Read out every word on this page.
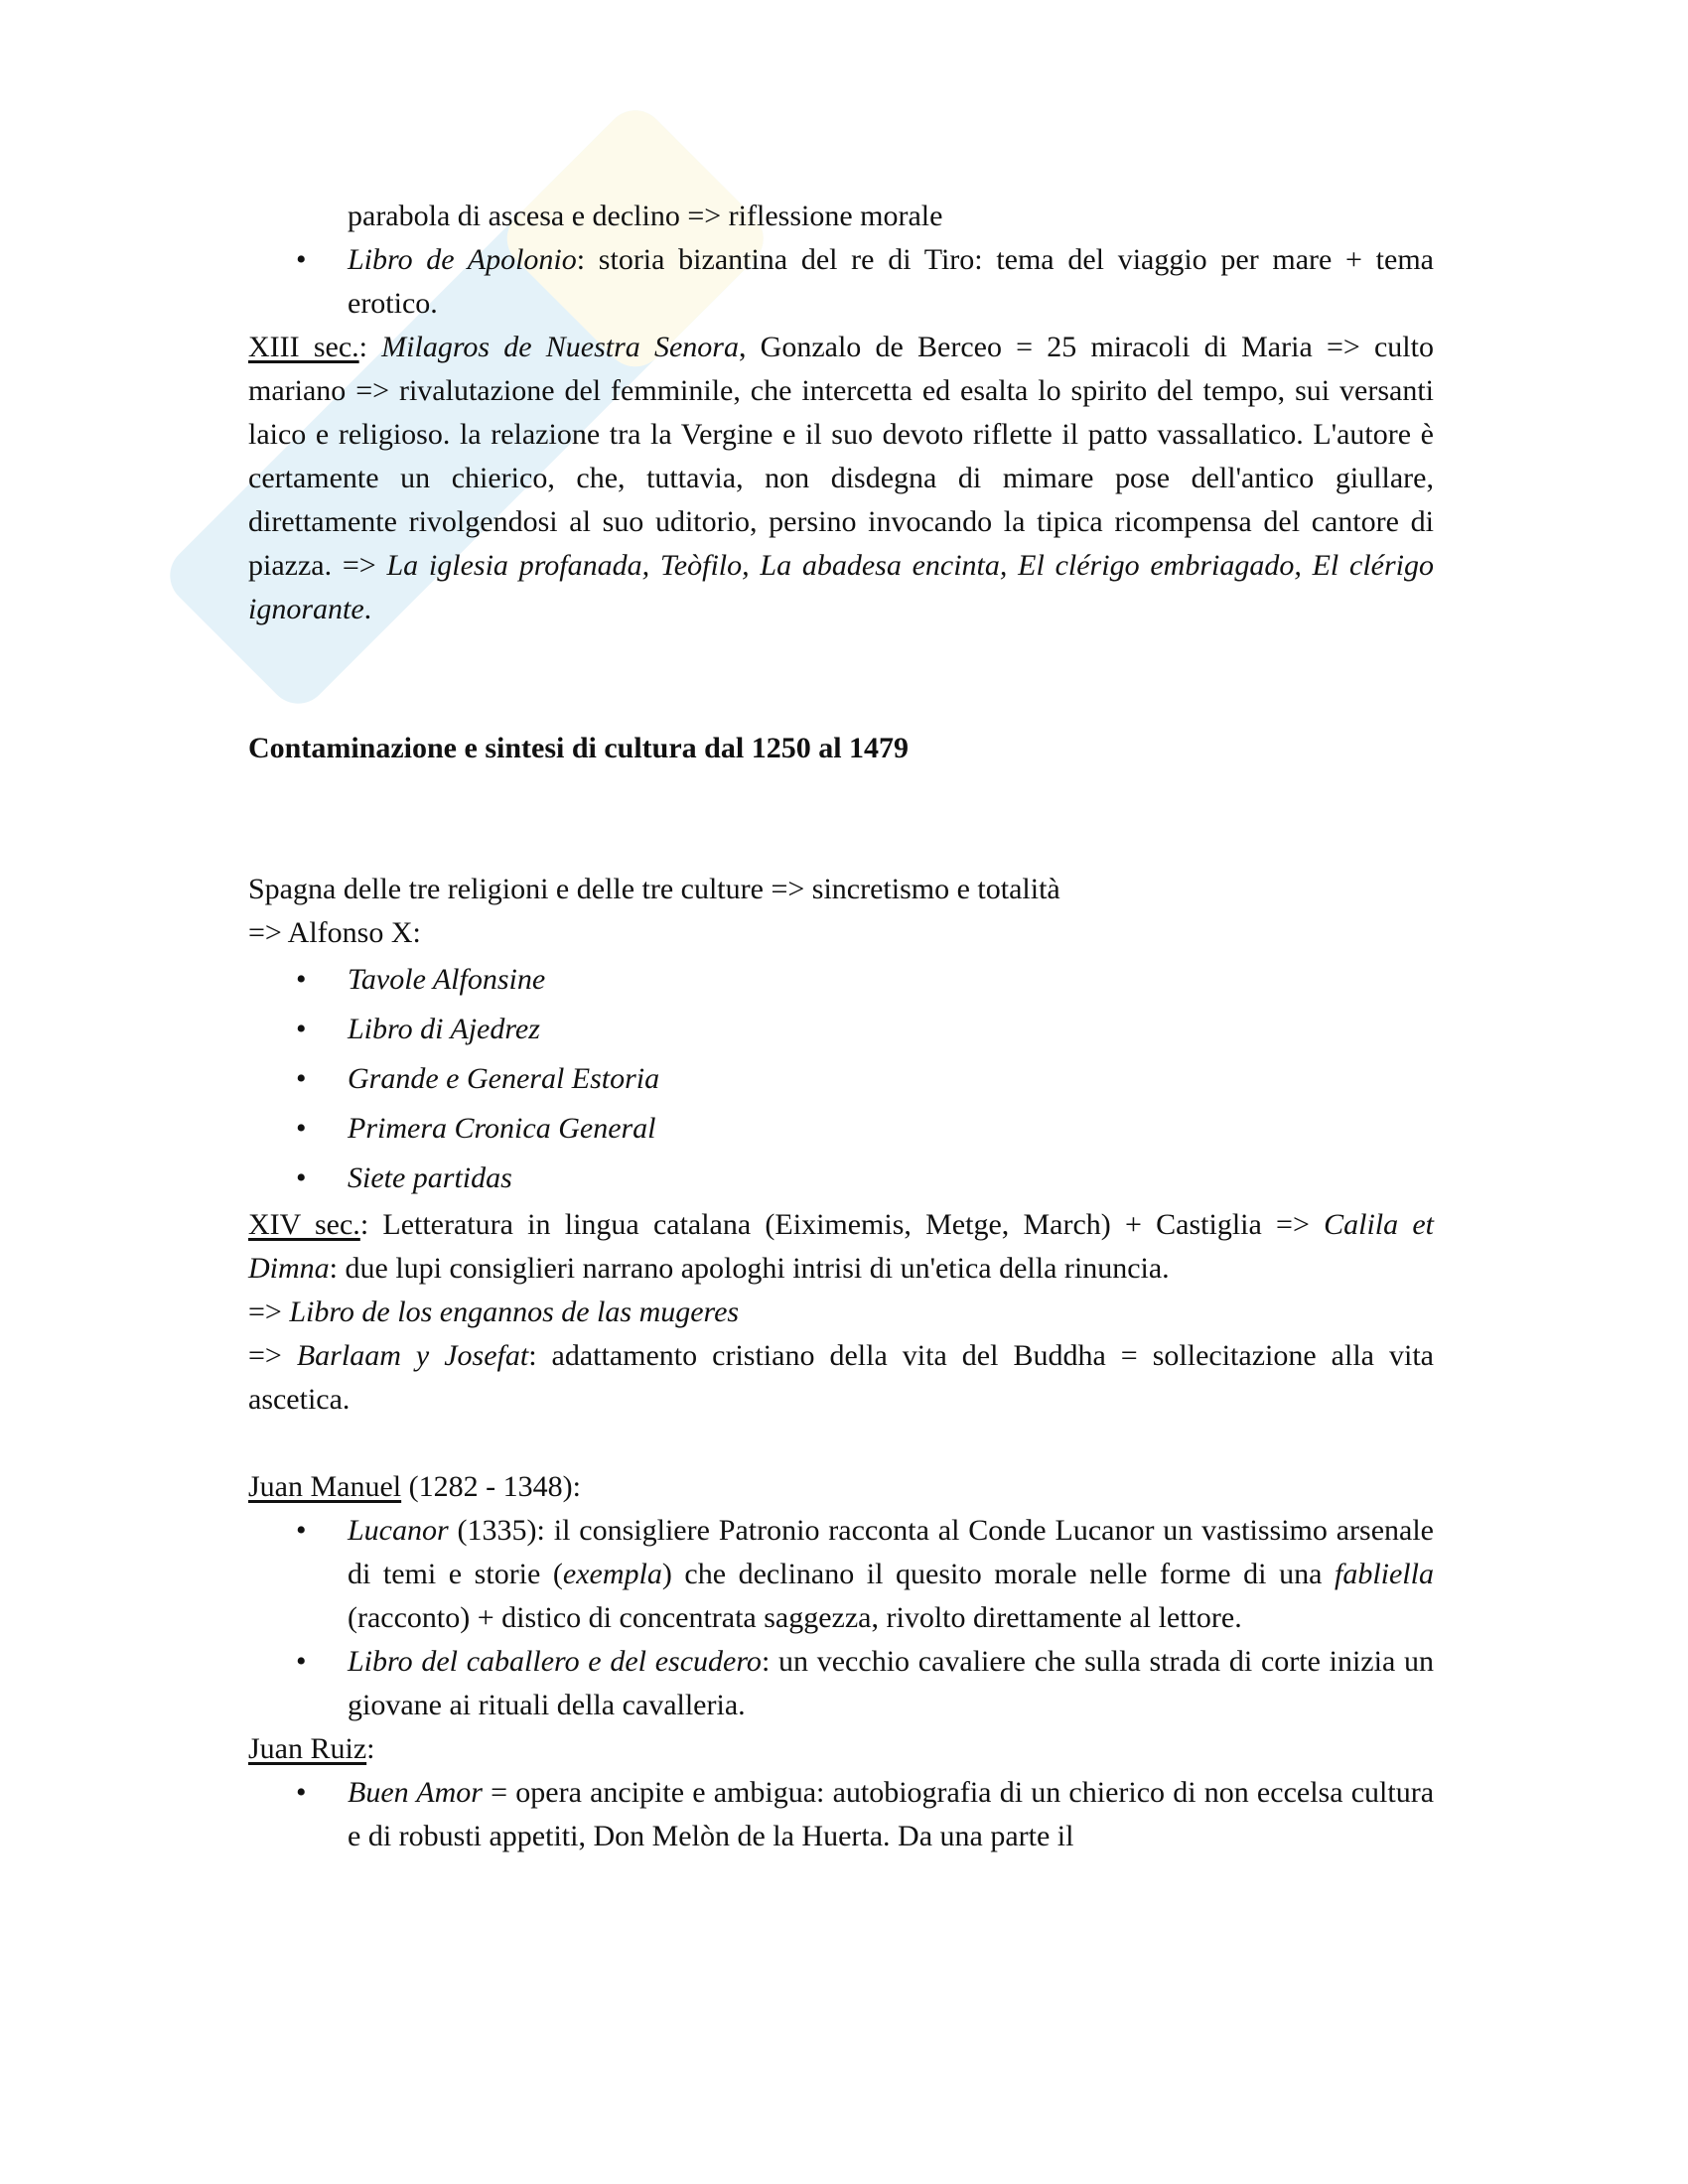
parabola di ascesa e declino => riflessione morale
• Libro de Apolonio: storia bizantina del re di Tiro: tema del viaggio per mare + tema erotico.
XIII sec.: Milagros de Nuestra Senora, Gonzalo de Berceo = 25 miracoli di Maria => culto mariano => rivalutazione del femminile, che intercetta ed esalta lo spirito del tempo, sui versanti laico e religioso. la relazione tra la Vergine e il suo devoto riflette il patto vassallatico. L'autore è certamente un chierico, che, tuttavia, non disdegna di mimare pose dell'antico giullare, direttamente rivolgendosi al suo uditorio, persino invocando la tipica ricompensa del cantore di piazza. => La iglesia profanada, Teòfilo, La abadesa encinta, El clérigo embriagado, El clérigo ignorante.
Contaminazione e sintesi di cultura dal 1250 al 1479
Spagna delle tre religioni e delle tre culture => sincretismo e totalità
=> Alfonso X:
• Tavole Alfonsine
• Libro di Ajedrez
• Grande e General Estoria
• Primera Cronica General
• Siete partidas
XIV sec.: Letteratura in lingua catalana (Eiximemis, Metge, March) + Castiglia => Calila et Dimna: due lupi consiglieri narrano apologhi intrisi di un'etica della rinuncia.
=> Libro de los engannos de las mugeres
=> Barlaam y Josefat: adattamento cristiano della vita del Buddha = sollecitazione alla vita ascetica.
Juan Manuel (1282 - 1348):
• Lucanor (1335): il consigliere Patronio racconta al Conde Lucanor un vastissimo arsenale di temi e storie (exempla) che declinano il quesito morale nelle forme di una fabliella (racconto) + distico di concentrata saggezza, rivolto direttamente al lettore.
• Libro del caballero e del escudero: un vecchio cavaliere che sulla strada di corte inizia un giovane ai rituali della cavalleria.
Juan Ruiz:
• Buen Amor = opera ancipite e ambigua: autobiografia di un chierico di non eccelsa cultura e di robusti appetiti, Don Melòn de la Huerta. Da una parte il
